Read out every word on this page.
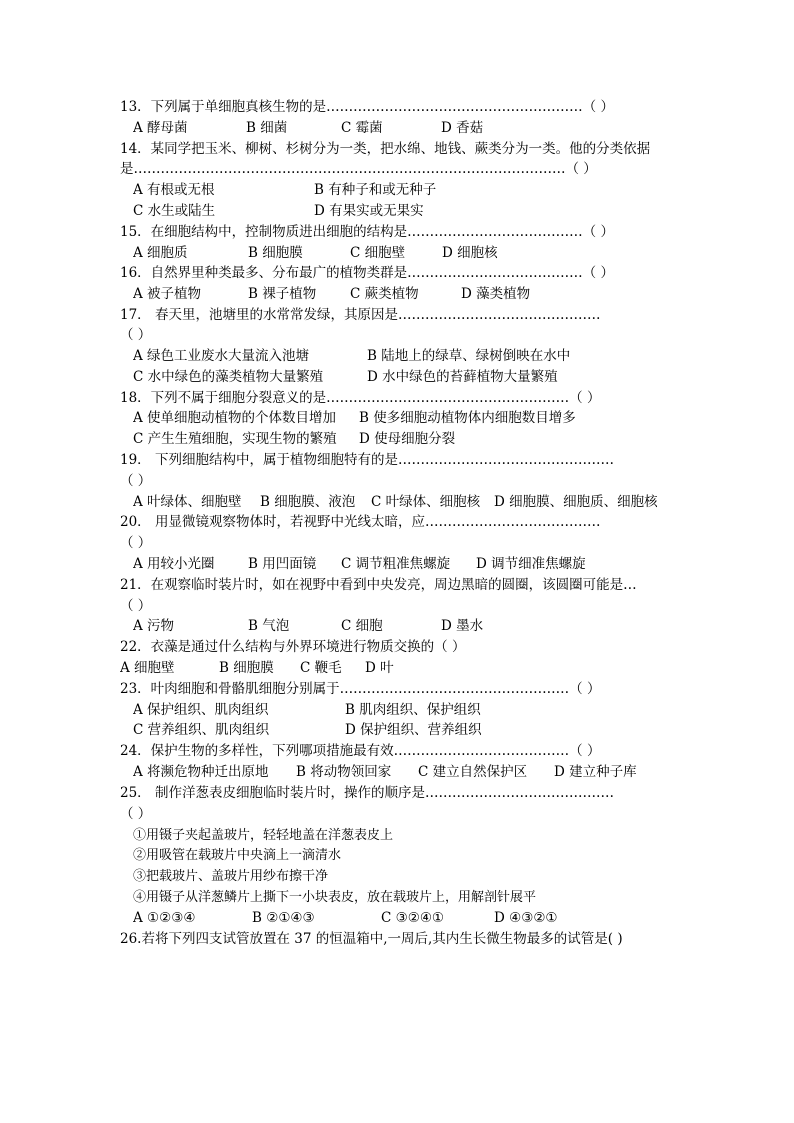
13．下列属于单细胞真核生物的是…………………………………………………（ ）
A 酵母菌	B 细菌	C 霉菌	D 香菇
14．某同学把玉米、柳树、杉树分为一类，把水绵、地钱、蕨类分为一类。他的分类依据
是……………………………………………………………………………………（ ）
A 有根或无根	B 有种子和或无种子
C 水生或陆生	D 有果实或无果实
15．在细胞结构中，控制物质进出细胞的结构是…………………………………（ ）
A 细胞质	B 细胞膜	C 细胞壁	D 细胞核
16．自然界里种类最多、分布最广的植物类群是…………………………………（ ）
A 被子植物	B 裸子植物	C 蕨类植物	D 藻类植物
17． 春天里，池塘里的水常常发绿，其原因是………………………………………
（ ）
A 绿色工业废水大量流入池塘	B 陆地上的绿草、绿树倒映在水中
C 水中绿色的藻类植物大量繁殖	D 水中绿色的苔藓植物大量繁殖
18．下列不属于细胞分裂意义的是………………………………………………（ ）
A 使单细胞动植物的个体数目增加 B 使多细胞动植物体内细胞数目增多
C 产生生殖细胞，实现生物的繁殖 D 使母细胞分裂
19． 下列细胞结构中，属于植物细胞特有的是…………………………………………
（ ）
A 叶绿体、细胞壁 B 细胞膜、液泡 C 叶绿体、细胞核 D 细胞膜、细胞质、细胞核
20． 用显微镜观察物体时，若视野中光线太暗，应…………………………………
（ ）
A 用较小光圈 B 用凹面镜 C 调节粗准焦螺旋 D 调节细准焦螺旋
21．在观察临时装片时，如在视野中看到中央发亮，周边黑暗的圆圈，该圆圈可能是…
（ ）
A 污物	B 气泡	C 细胞	D 墨水
22．衣藻是通过什么结构与外界环境进行物质交换的（ ）
A 细胞壁	B 细胞膜 C 鞭毛 D 叶
23．叶肉细胞和骨骼肌细胞分别属于……………………………………………（ ）
A 保护组织、肌肉组织	B 肌肉组织、保护组织
C 营养组织、肌肉组织	D 保护组织、营养组织
24．保护生物的多样性，下列哪项措施最有效…………………………………（ ）
A 将濒危物种迁出原地 B 将动物领回家 C 建立自然保护区 D 建立种子库
25． 制作洋葱表皮细胞临时装片时，操作的顺序是……………………………………
（ ）
①用镊子夹起盖玻片，轻轻地盖在洋葱表皮上
②用吸管在载玻片中央滴上一滴清水
③把载玻片、盖玻片用纱布擦干净
④用镊子从洋葱鳞片上撕下一小块表皮，放在载玻片上，用解剖针展平
A ①②③④	B ②①④③	C ③②④①	D ④③②①
26.若将下列四支试管放置在 37 的恒温箱中,一周后,其内生长微生物最多的试管是( )
